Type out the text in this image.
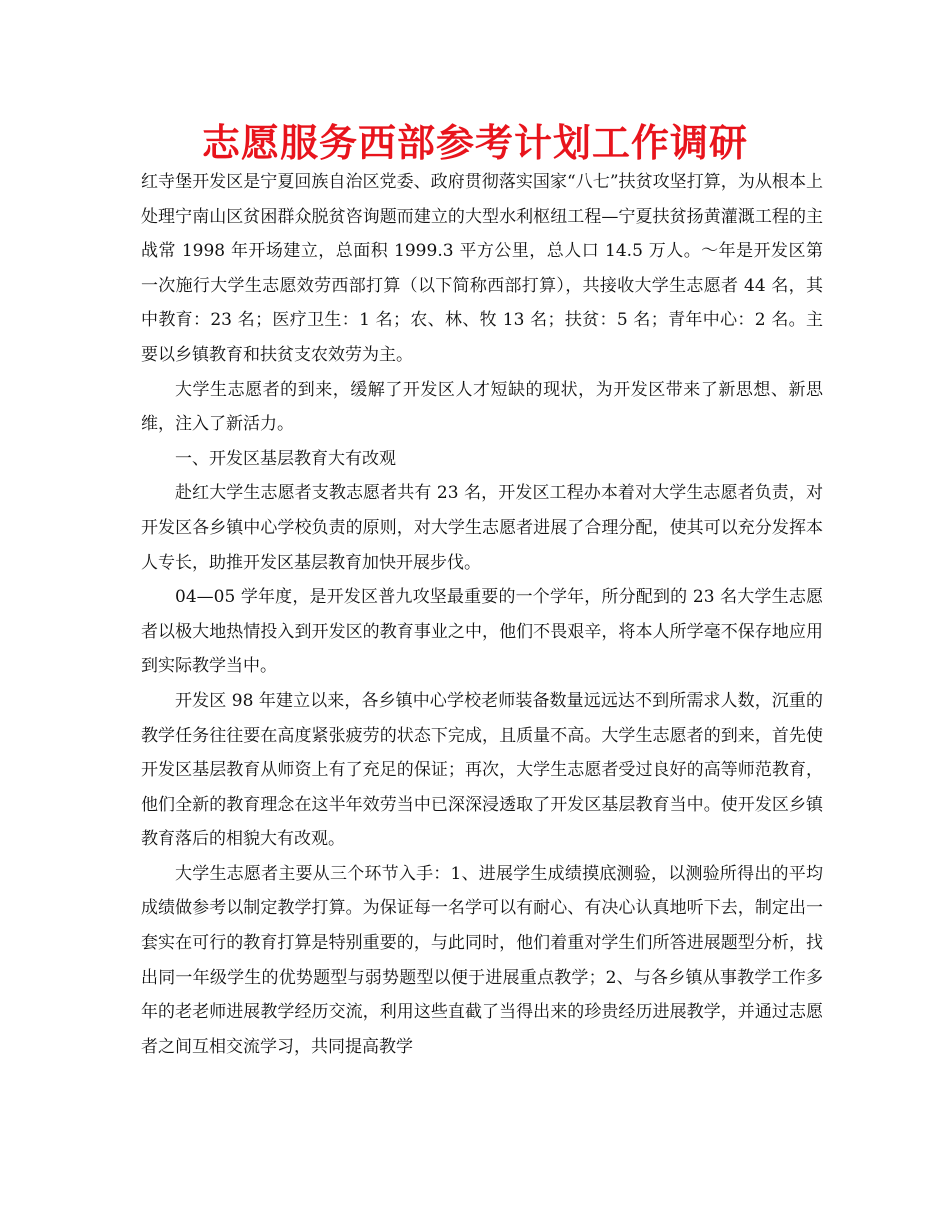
志愿服务西部参考计划工作调研

红寺堡开发区是宁夏回族自治区党委、政府贯彻落实国家“八七”扶贫攻坚打算，为从根本上处理宁南山区贫困群众脱贫咨询题而建立的大型水利枢纽工程—宁夏扶贫扬黄灌溉工程的主战常 1998 年开场建立，总面积 1999.3 平方公里，总人口 14.5 万人。～年是开发区第一次施行大学生志愿效劳西部打算（以下简称西部打算），共接收大学生志愿者 44 名，其中教育：23 名；医疗卫生：1 名；农、林、牧 13 名；扶贫：5 名；青年中心：2 名。主要以乡镇教育和扶贫支农效劳为主。

大学生志愿者的到来，缓解了开发区人才短缺的现状，为开发区带来了新思想、新思维，注入了新活力。

一、开发区基层教育大有改观

赴红大学生志愿者支教志愿者共有 23 名，开发区工程办本着对大学生志愿者负责，对开发区各乡镇中心学校负责的原则，对大学生志愿者进展了合理分配，使其可以充分发挥本人专长，助推开发区基层教育加快开展步伐。

04—05 学年度，是开发区普九攻坚最重要的一个学年，所分配到的 23 名大学生志愿者以极大地热情投入到开发区的教育事业之中，他们不畏艰辛，将本人所学毫不保存地应用到实际教学当中。

开发区 98 年建立以来，各乡镇中心学校老师装备数量远远达不到所需求人数，沉重的教学任务往往要在高度紧张疲劳的状态下完成，且质量不高。大学生志愿者的到来，首先使开发区基层教育从师资上有了充足的保证；再次，大学生志愿者受过良好的高等师范教育，他们全新的教育理念在这半年效劳当中已深深浸透取了开发区基层教育当中。使开发区乡镇教育落后的相貌大有改观。

大学生志愿者主要从三个环节入手：1、进展学生成绩摸底测验，以测验所得出的平均成绩做参考以制定教学打算。为保证每一名学可以有耐心、有决心认真地听下去，制定出一套实在可行的教育打算是特别重要的，与此同时，他们着重对学生们所答进展题型分析，找出同一年级学生的优势题型与弱势题型以便于进展重点教学；2、与各乡镇从事教学工作多年的老老师进展教学经历交流，利用这些直截了当得出来的珍贵经历进展教学，并通过志愿者之间互相交流学习，共同提高教学
